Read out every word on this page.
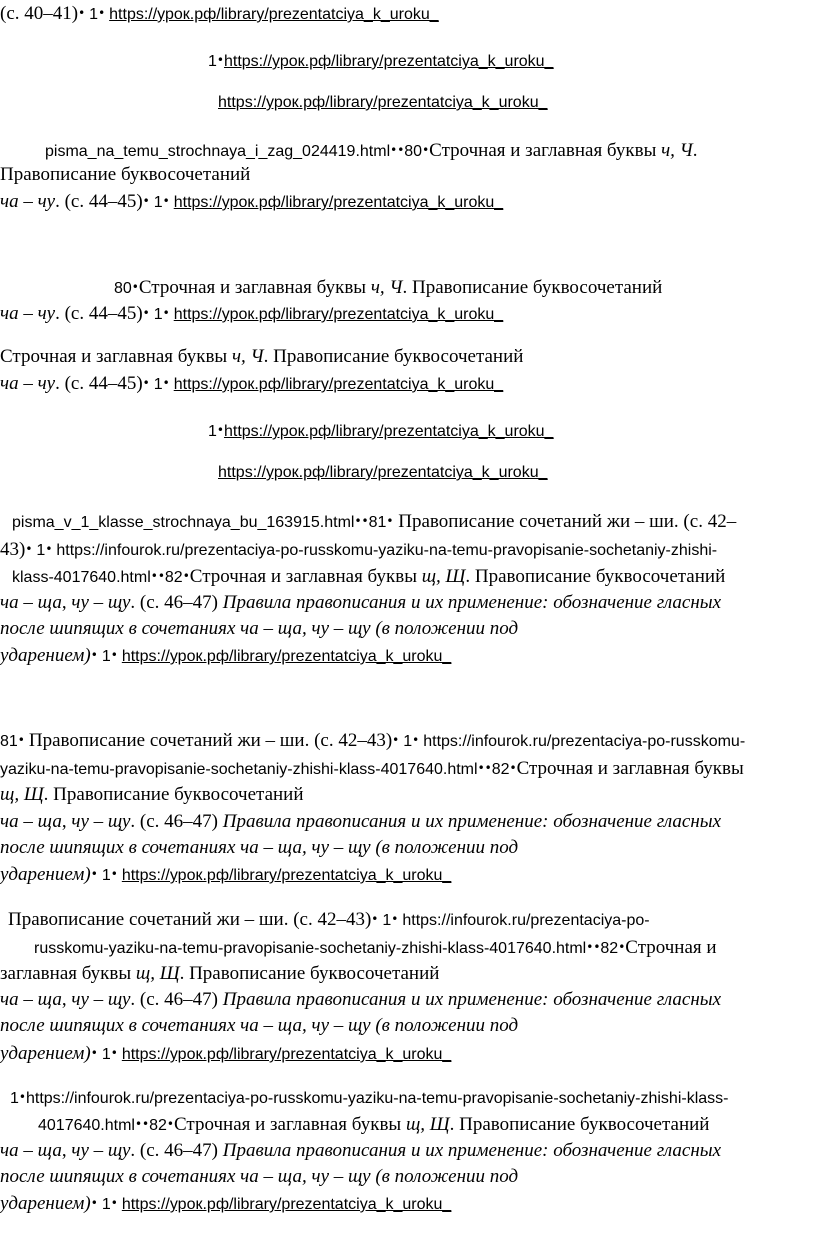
(с. 40–41)• 1• https://урок.рф/library/prezentatciya_k_uroku_
1•https://урок.рф/library/prezentatciya_k_uroku_
https://урок.рф/library/prezentatciya_k_uroku_
pisma_na_temu_strochnaya_i_zag_024419.html••80•Строчная и заглавная буквы ч, Ч.
Правописание буквосочетаний
ча – чу. (с. 44–45)• 1• https://урок.рф/library/prezentatciya_k_uroku_
80•Строчная и заглавная буквы ч, Ч. Правописание буквосочетаний
ча – чу. (с. 44–45)• 1• https://урок.рф/library/prezentatciya_k_uroku_
Строчная и заглавная буквы ч, Ч. Правописание буквосочетаний
ча – чу. (с. 44–45)• 1• https://урок.рф/library/prezentatciya_k_uroku_
1•https://урок.рф/library/prezentatciya_k_uroku_
https://урок.рф/library/prezentatciya_k_uroku_
pisma_v_1_klasse_strochnaya_bu_163915.html••81• Правописание сочетаний жи – ши. (с. 42–
43)• 1• https://infourok.ru/prezentaciya-po-russkomu-yaziku-na-temu-pravopisanie-sochetaniy-zhishi-
klass-4017640.html••82•Строчная и заглавная буквы щ, Щ. Правописание буквосочетаний
ча – ща, чу – щу. (с. 46–47) Правила правописания и их применение: обозначение гласных
после шипящих в сочетаниях ча – ща, чу – щу (в положении под
ударением)• 1• https://урок.рф/library/prezentatciya_k_uroku_
81• Правописание сочетаний жи – ши. (с. 42–43)• 1• https://infourok.ru/prezentaciya-po-russkomu-
yaziku-na-temu-pravopisanie-sochetaniy-zhishi-klass-4017640.html••82•Строчная и заглавная буквы
щ, Щ. Правописание буквосочетаний
ча – ща, чу – щу. (с. 46–47) Правила правописания и их применение: обозначение гласных
после шипящих в сочетаниях ча – ща, чу – щу (в положении под
ударением)• 1• https://урок.рф/library/prezentatciya_k_uroku_
Правописание сочетаний жи – ши. (с. 42–43)• 1• https://infourok.ru/prezentaciya-po-
russkomu-yaziku-na-temu-pravopisanie-sochetaniy-zhishi-klass-4017640.html••82•Строчная и
заглавная буквы щ, Щ. Правописание буквосочетаний
ча – ща, чу – щу. (с. 46–47) Правила правописания и их применение: обозначение гласных
после шипящих в сочетаниях ча – ща, чу – щу (в положении под
ударением)• 1• https://урок.рф/library/prezentatciya_k_uroku_
1•https://infourok.ru/prezentaciya-po-russkomu-yaziku-na-temu-pravopisanie-sochetaniy-zhishi-klass-
4017640.html••82•Строчная и заглавная буквы щ, Щ. Правописание буквосочетаний
ча – ща, чу – щу. (с. 46–47) Правила правописания и их применение: обозначение гласных
после шипящих в сочетаниях ча – ща, чу – щу (в положении под
ударением)• 1• https://урок.рф/library/prezentatciya_k_uroku_
